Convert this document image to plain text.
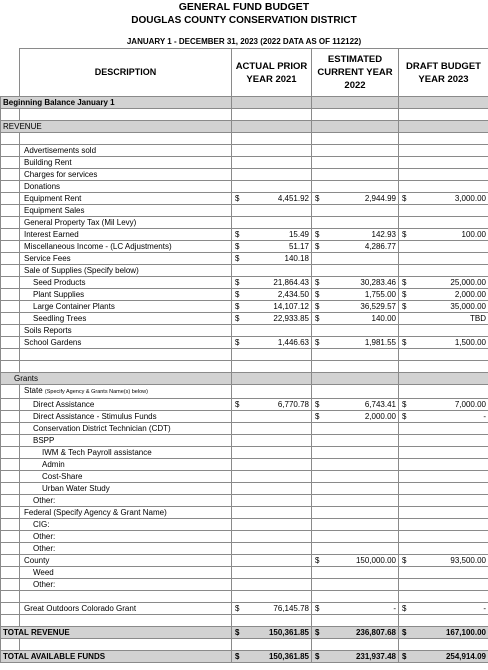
GENERAL FUND BUDGET
DOUGLAS COUNTY CONSERVATION DISTRICT
JANUARY 1 - DECEMBER 31, 2023 (2022 DATA AS OF 112122)
	DESCRIPTION	ACTUAL PRIOR YEAR 2021	ESTIMATED CURRENT YEAR 2022	DRAFT BUDGET YEAR 2023
Beginning Balance January 1		

REVENUE				

	Advertisements sold	

	Building Rent	

	Charges for services	

	Donations	

	Equipment Rent	$ 4,451.92	$ 2,944.99	$ 3,000.00

	Equipment Sales	

	General Property Tax (Mil Levy)	

	Interest Earned	$ 15.49	$ 142.93	$ 100.00

	Miscellaneous Income - (LC Adjustments)	$ 51.17	$ 4,286.77	

	Service Fees	$ 140.18		

	Sale of Supplies (Specify below)	

	Seed Products	$ 21,864.43	$ 30,283.46	$ 25,000.00

	Plant Supplies	$ 2,434.50	$ 1,755.00	$ 2,000.00

	Large Container Plants	$ 14,107.12	$ 36,529.57	$ 35,000.00

	Seedling Trees	$ 22,933.85	$ 140.00	TBD

	Soils Reports	

	School Gardens	$ 1,446.63	$ 1,981.55	$ 1,500.00

Grants				
	State (Specify Agency & Grants Name(s) below)	

	Direct Assistance	$ 6,770.78	$ 6,743.41	$ 7,000.00

	Direct Assistance - Stimulus Funds		$ 2,000.00	$ -

	Conservation District Technician (CDT)	

	BSPP	

	IWM & Tech Payroll assistance	

	Admin	

	Cost-Share	

	Urban Water Study	

	Other:	

	Federal (Specify Agency & Grant Name)	

	CIG:	

	Other:	

	Other:	

	County		$ 150,000.00	$ 93,500.00

	Weed	

	Other:	

	Great Outdoors Colorado Grant	$ 76,145.78	$ -	$ -

TOTAL REVENUE		$ 150,361.85	$ 236,807.68	$ 167,100.00

TOTAL AVAILABLE FUNDS		$ 150,361.85	$ 231,937.48	$ 254,914.09
